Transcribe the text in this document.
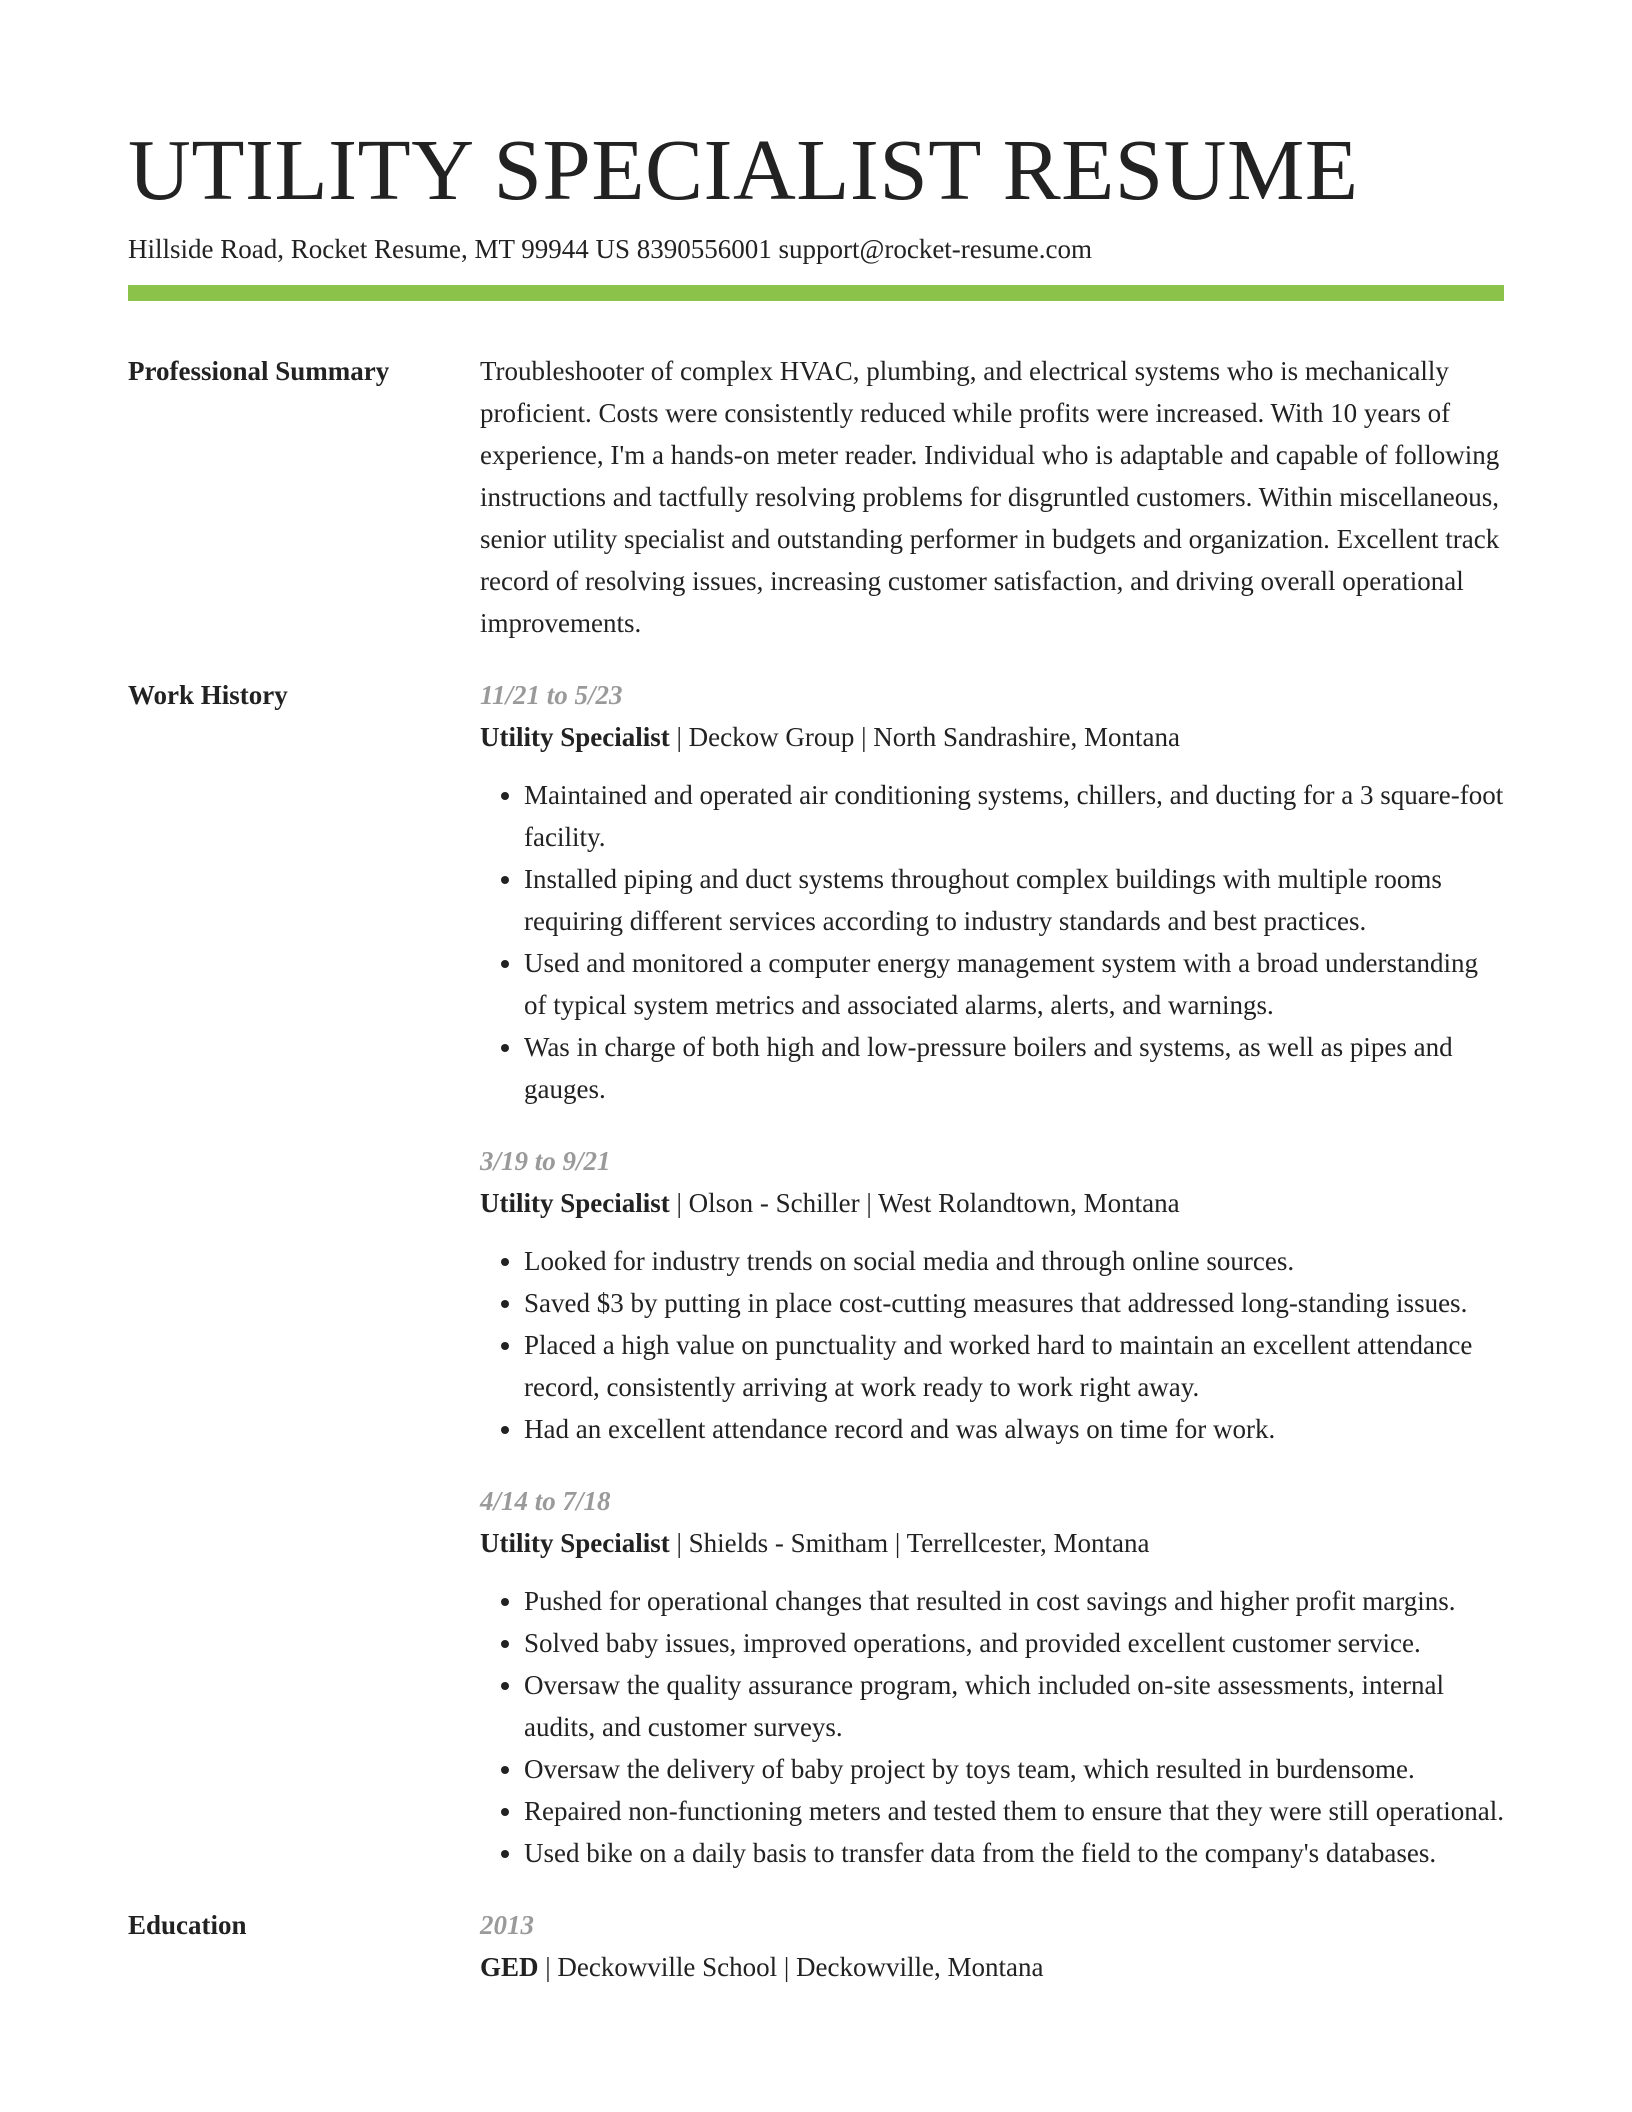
UTILITY SPECIALIST RESUME
Hillside Road, Rocket Resume, MT 99944 US 8390556001 support@rocket-resume.com
Professional Summary	Troubleshooter of complex HVAC, plumbing, and electrical systems who is mechanically proficient. Costs were consistently reduced while profits were increased. With 10 years of experience, I'm a hands-on meter reader. Individual who is adaptable and capable of following instructions and tactfully resolving problems for disgruntled customers. Within miscellaneous, senior utility specialist and outstanding performer in budgets and organization. Excellent track record of resolving issues, increasing customer satisfaction, and driving overall operational improvements.

Work History	11/21 to 5/23
Utility Specialist | Deckow Group | North Sandrashire, Montana
• Maintained and operated air conditioning systems, chillers, and ducting for a 3 square-foot facility.
• Installed piping and duct systems throughout complex buildings with multiple rooms requiring different services according to industry standards and best practices.
• Used and monitored a computer energy management system with a broad understanding of typical system metrics and associated alarms, alerts, and warnings.
• Was in charge of both high and low-pressure boilers and systems, as well as pipes and gauges.
3/19 to 9/21
Utility Specialist | Olson - Schiller | West Rolandtown, Montana
• Looked for industry trends on social media and through online sources.
• Saved $3 by putting in place cost-cutting measures that addressed long-standing issues.
• Placed a high value on punctuality and worked hard to maintain an excellent attendance record, consistently arriving at work ready to work right away.
• Had an excellent attendance record and was always on time for work.
4/14 to 7/18
Utility Specialist | Shields - Smitham | Terrellcester, Montana
• Pushed for operational changes that resulted in cost savings and higher profit margins.
• Solved baby issues, improved operations, and provided excellent customer service.
• Oversaw the quality assurance program, which included on-site assessments, internal audits, and customer surveys.
• Oversaw the delivery of baby project by toys team, which resulted in burdensome.
• Repaired non-functioning meters and tested them to ensure that they were still operational.
• Used bike on a daily basis to transfer data from the field to the company's databases.
Education	2013
GED | Deckowville School | Deckowville, Montana
